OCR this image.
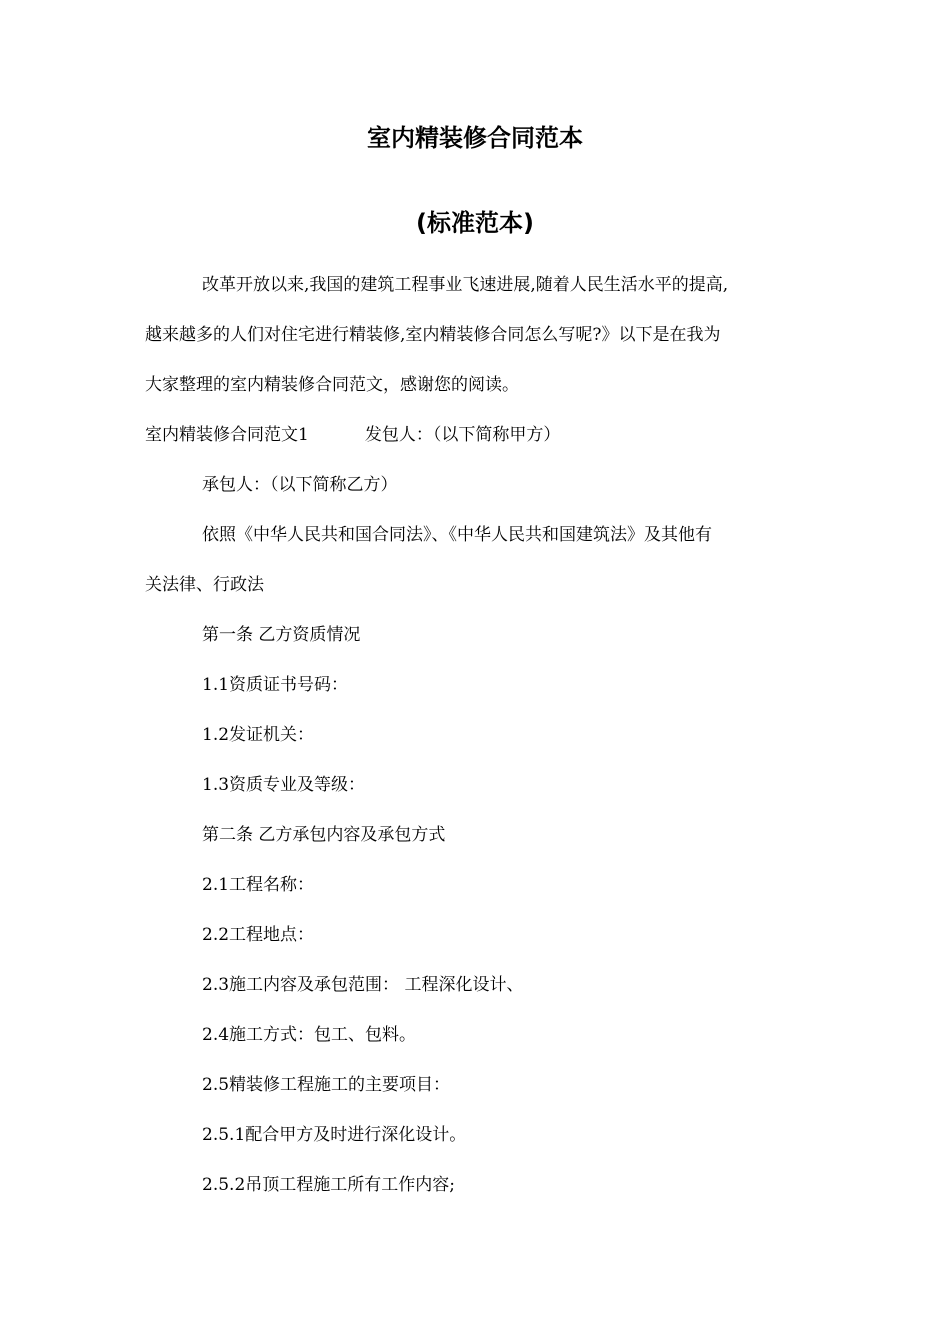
室内精装修合同范本
(标准范本)
改革开放以来,我国的建筑工程事业飞速进展,随着人民生活水平的提高,
越来越多的人们对住宅进行精装修,室内精装修合同怎么写呢?》以下是在我为
大家整理的室内精装修合同范文，感谢您的阅读。
室内精装修合同范文1	发包人：（以下简称甲方）
承包人：（以下简称乙方）
依照《中华人民共和国合同法》、《中华人民共和国建筑法》及其他有
关法律、行政法
第一条 乙方资质情况
1.1资质证书号码：
1.2发证机关：
1.3资质专业及等级：
第二条 乙方承包内容及承包方式
2.1工程名称：
2.2工程地点：
2.3施工内容及承包范围： 工程深化设计、
2.4施工方式：包工、包料。
2.5精装修工程施工的主要项目：
2.5.1配合甲方及时进行深化设计。
2.5.2吊顶工程施工所有工作内容;
